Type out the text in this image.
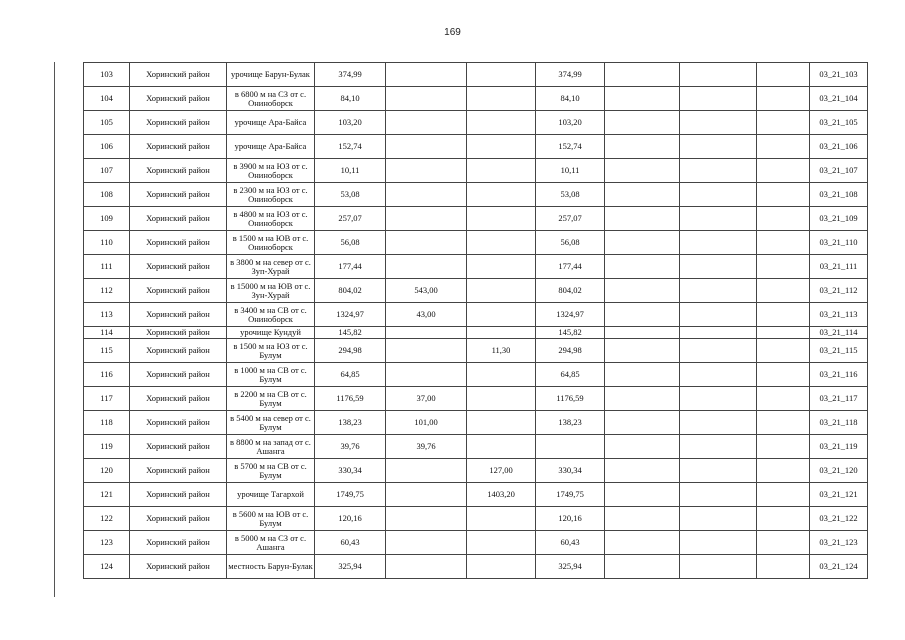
169
103	Хоринский район	урочище Барун-Булак	374,99			374,99				03_21_103
104	Хоринский район	в 6800 м на СЗ от с. Ониноборск	84,10			84,10				03_21_104
105	Хоринский район	урочище Ара-Байса	103,20			103,20				03_21_105
106	Хоринский район	урочище Ара-Байса	152,74			152,74				03_21_106
107	Хоринский район	в 3900 м на ЮЗ от с. Ониноборск	10,11			10,11				03_21_107
108	Хоринский район	в 2300 м на ЮЗ от с. Ониноборск	53,08			53,08				03_21_108
109	Хоринский район	в 4800 м на ЮЗ от с. Ониноборск	257,07			257,07				03_21_109
110	Хоринский район	в 1500 м на ЮВ от с. Ониноборск	56,08			56,08				03_21_110
111	Хоринский район	в 3800 м на север от с. Зуп-Хурай	177,44			177,44				03_21_111
112	Хоринский район	в 15000 м на ЮВ от с. Зун-Хурай	804,02	543,00		804,02				03_21_112
113	Хоринский район	в 3400 м на СВ от с. Ониноборск	1324,97	43,00		1324,97				03_21_113
114	Хоринский район	урочище Кундуй	145,82			145,82				03_21_114
115	Хоринский район	в 1500 м на ЮЗ от с. Булум	294,98		11,30	294,98				03_21_115
116	Хоринский район	в 1000 м на СВ от с. Булум	64,85			64,85				03_21_116
117	Хоринский район	в 2200 м на СВ от с. Булум	1176,59	37,00		1176,59				03_21_117
118	Хоринский район	в 5400 м на север от с. Булум	138,23	101,00		138,23				03_21_118
119	Хоринский район	в 8800 м на запад от с. Ашанга	39,76	39,76						03_21_119
120	Хоринский район	в 5700 м на СВ от с. Булум	330,34		127,00	330,34				03_21_120
121	Хоринский район	урочище Тагархой	1749,75		1403,20	1749,75				03_21_121
122	Хоринский район	в 5600 м на ЮВ от с. Булум	120,16			120,16				03_21_122
123	Хоринский район	в 5000 м на СЗ от с. Ашанга	60,43			60,43				03_21_123
124	Хоринский район	местность Барун-Булак	325,94			325,94				03_21_124
